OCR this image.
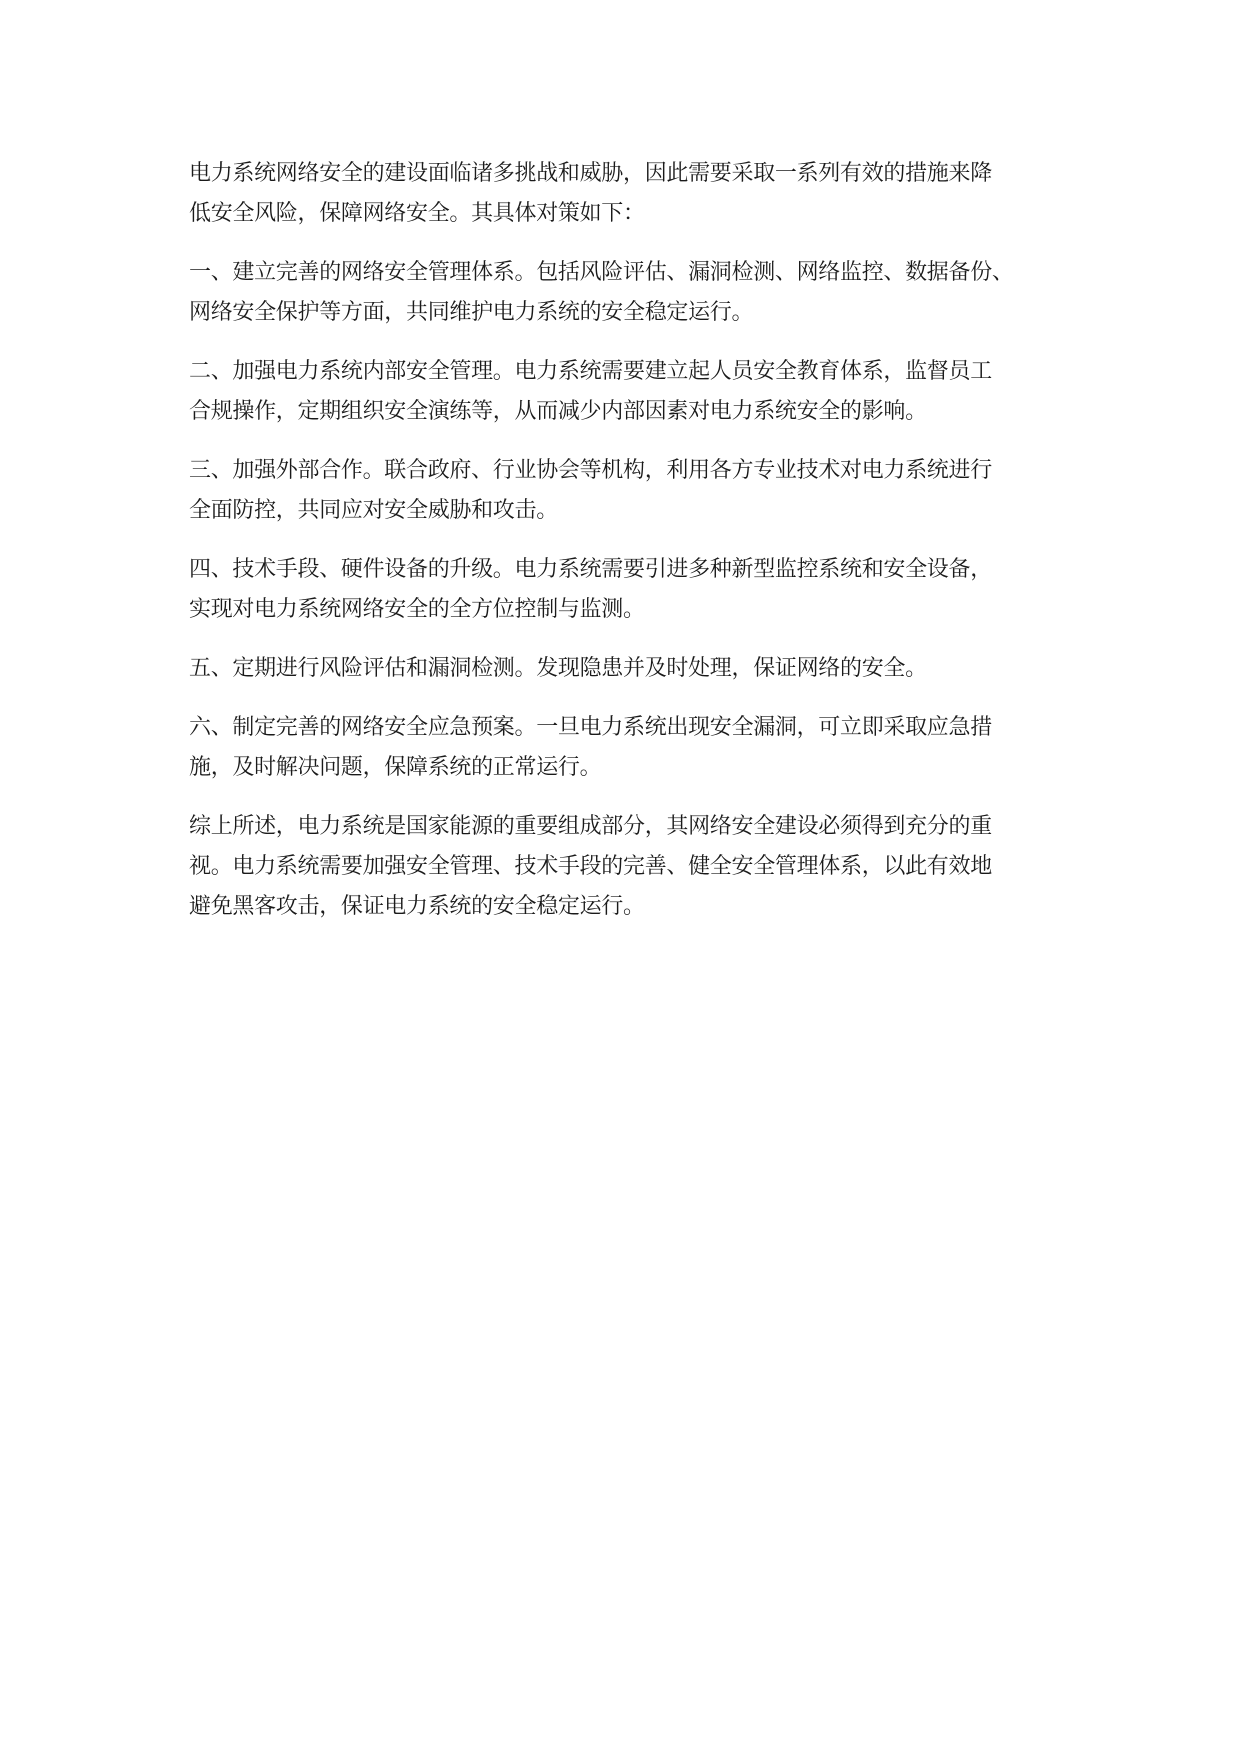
电力系统网络安全的建设面临诸多挑战和威胁，因此需要采取一系列有效的措施来降
低安全风险，保障网络安全。其具体对策如下：

一、建立完善的网络安全管理体系。包括风险评估、漏洞检测、网络监控、数据备份、
网络安全保护等方面，共同维护电力系统的安全稳定运行。

二、加强电力系统内部安全管理。电力系统需要建立起人员安全教育体系，监督员工
合规操作，定期组织安全演练等，从而减少内部因素对电力系统安全的影响。

三、加强外部合作。联合政府、行业协会等机构，利用各方专业技术对电力系统进行
全面防控，共同应对安全威胁和攻击。

四、技术手段、硬件设备的升级。电力系统需要引进多种新型监控系统和安全设备，
实现对电力系统网络安全的全方位控制与监测。

五、定期进行风险评估和漏洞检测。发现隐患并及时处理，保证网络的安全。

六、制定完善的网络安全应急预案。一旦电力系统出现安全漏洞，可立即采取应急措
施，及时解决问题，保障系统的正常运行。

综上所述，电力系统是国家能源的重要组成部分，其网络安全建设必须得到充分的重
视。电力系统需要加强安全管理、技术手段的完善、健全安全管理体系，以此有效地
避免黑客攻击，保证电力系统的安全稳定运行。
